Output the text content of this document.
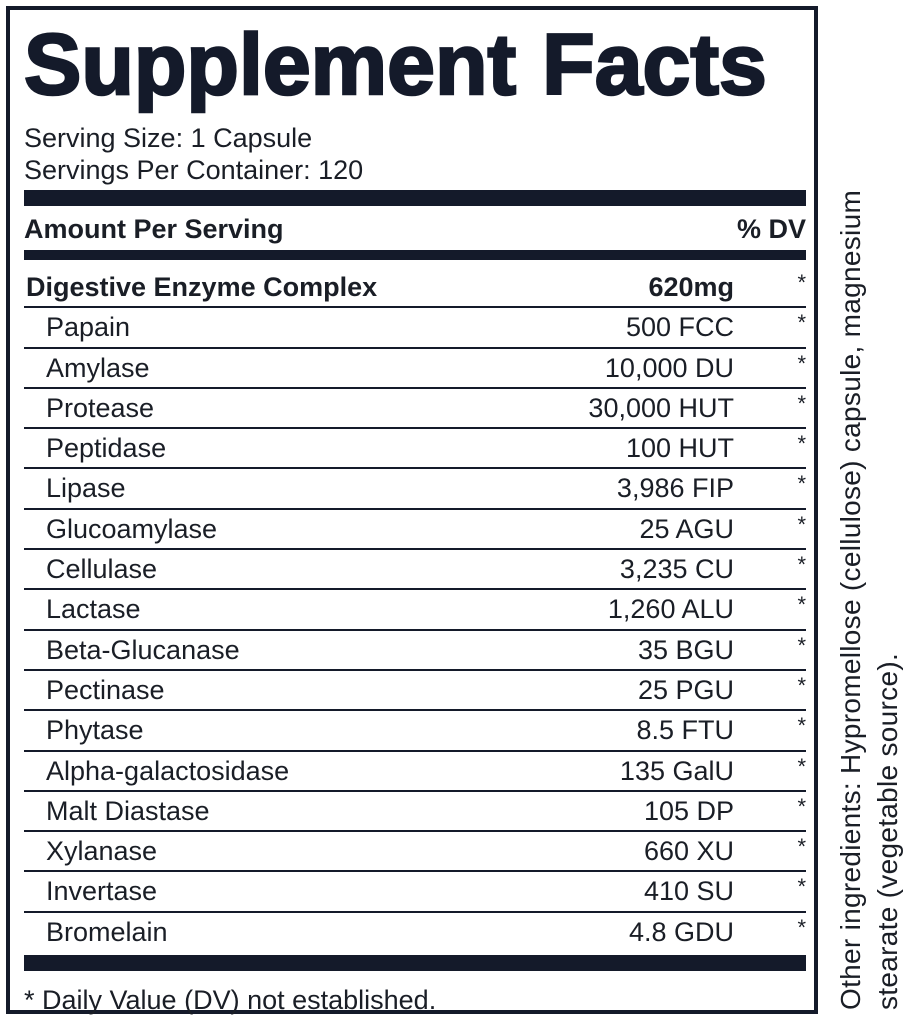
Supplement Facts
Serving Size: 1 Capsule
Servings Per Container: 120
Amount Per Serving	% DV
Digestive Enzyme Complex	620mg	*
Papain	500 FCC	*
Amylase	10,000 DU	*
Protease	30,000 HUT	*
Peptidase	100 HUT	*
Lipase	3,986 FIP	*
Glucoamylase	25 AGU	*
Cellulase	3,235 CU	*
Lactase	1,260 ALU	*
Beta-Glucanase	35 BGU	*
Pectinase	25 PGU	*
Phytase	8.5 FTU	*
Alpha-galactosidase	135 GalU	*
Malt Diastase	105 DP	*
Xylanase	660 XU	*
Invertase	410 SU	*
Bromelain	4.8 GDU	*
* Daily Value (DV) not established.	Other ingredients: Hypromellose (cellulose) capsule, magnesium stearate (vegetable source).
